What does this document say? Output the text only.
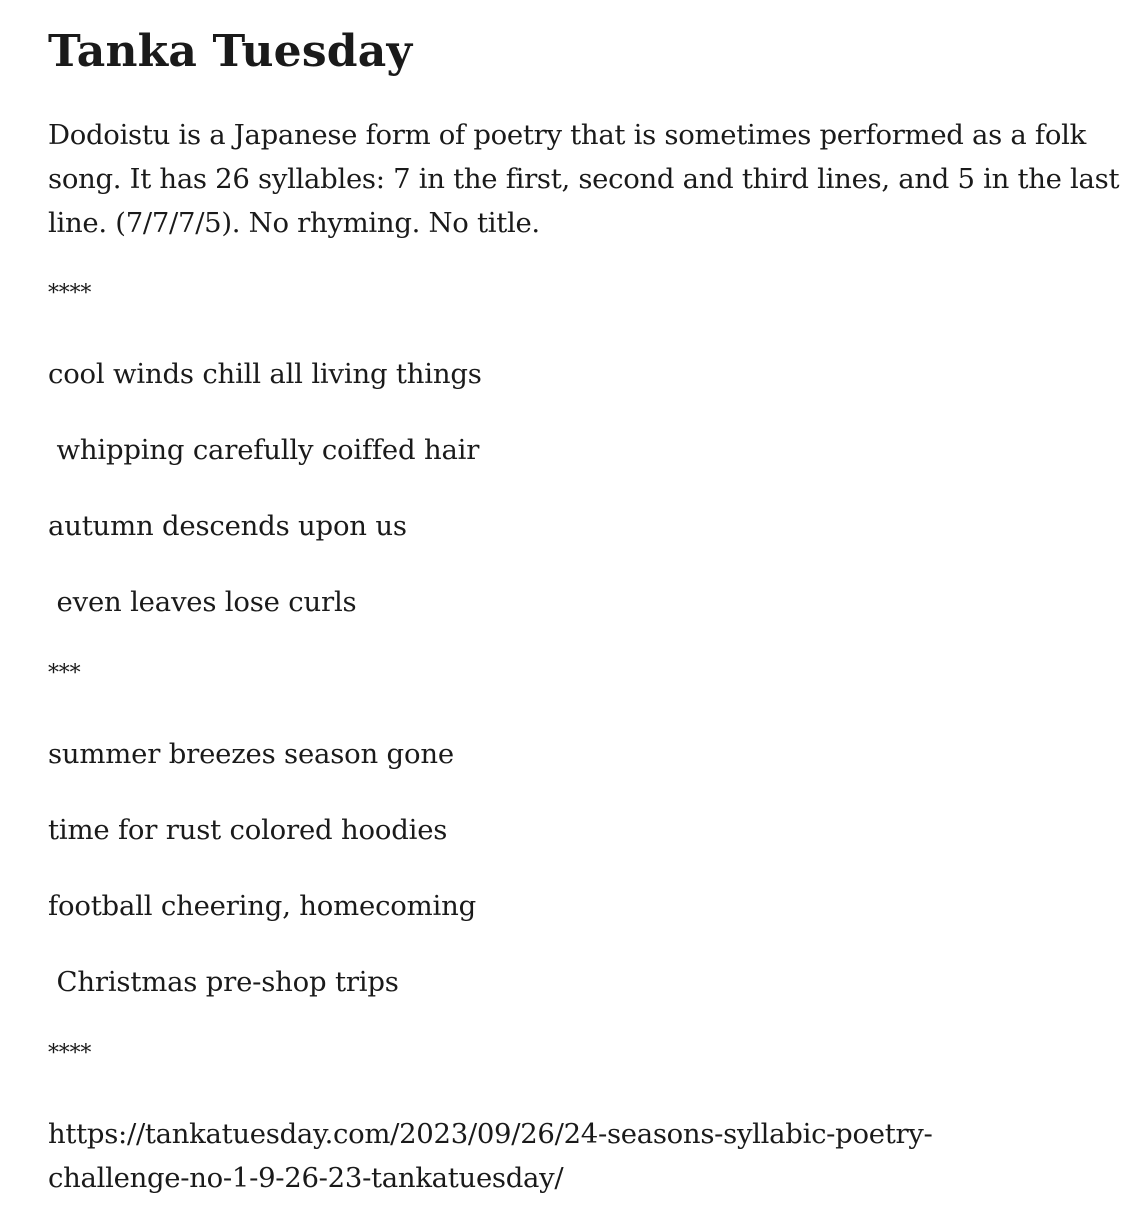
Tanka Tuesday

Dodoistu is a Japanese form of poetry that is sometimes performed as a folk song. It has 26 syllables: 7 in the first, second and third lines, and 5 in the last line. (7/7/7/5). No rhyming. No title.

****

cool winds chill all living things

whipping carefully coiffed hair

autumn descends upon us

even leaves lose curls

***

summer breezes season gone

time for rust colored hoodies

football cheering, homecoming

Christmas pre-shop trips

****

https://tankatuesday.com/2023/09/26/24-seasons-syllabic-poetry-
challenge-no-1-9-26-23-tankatuesday/
